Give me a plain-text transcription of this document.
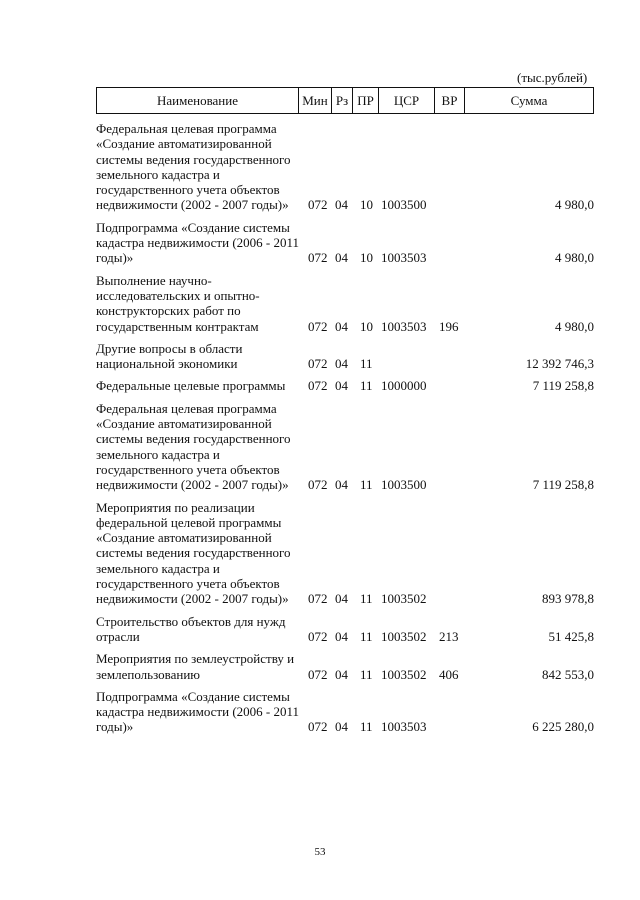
(тыс.рублей)
Наименование	Мин Рз ПР	ЦСР	ВР	Сумма
Федеральная целевая программа «Создание автоматизированной системы ведения государственного земельного кадастра и государственного учета объектов недвижимости (2002 - 2007 годы)»	072 04 10 1003500	4 980,0
Подпрограмма «Создание системы кадастра недвижимости (2006 - 2011 годы)»	072 04 10 1003503	4 980,0
Выполнение научно-исследовательских и опытно-конструкторских работ по государственным контрактам	072 04 10 1003503 196	4 980,0
Другие вопросы в области национальной экономики	072 04 11	12 392 746,3
Федеральные целевые программы	072 04 11 1000000	7 119 258,8
Федеральная целевая программа «Создание автоматизированной системы ведения государственного земельного кадастра и государственного учета объектов недвижимости (2002 - 2007 годы)»	072 04 11 1003500	7 119 258,8
Мероприятия по реализации федеральной целевой программы «Создание автоматизированной системы ведения государственного земельного кадастра и государственного учета объектов недвижимости (2002 - 2007 годы)»	072 04 11 1003502	893 978,8
Строительство объектов для нужд отрасли	072 04 11 1003502 213	51 425,8
Мероприятия по землеустройству и землепользованию	072 04 11 1003502 406	842 553,0
Подпрограмма «Создание системы кадастра недвижимости (2006 - 2011 годы)»	072 04 11 1003503	6 225 280,0
53
